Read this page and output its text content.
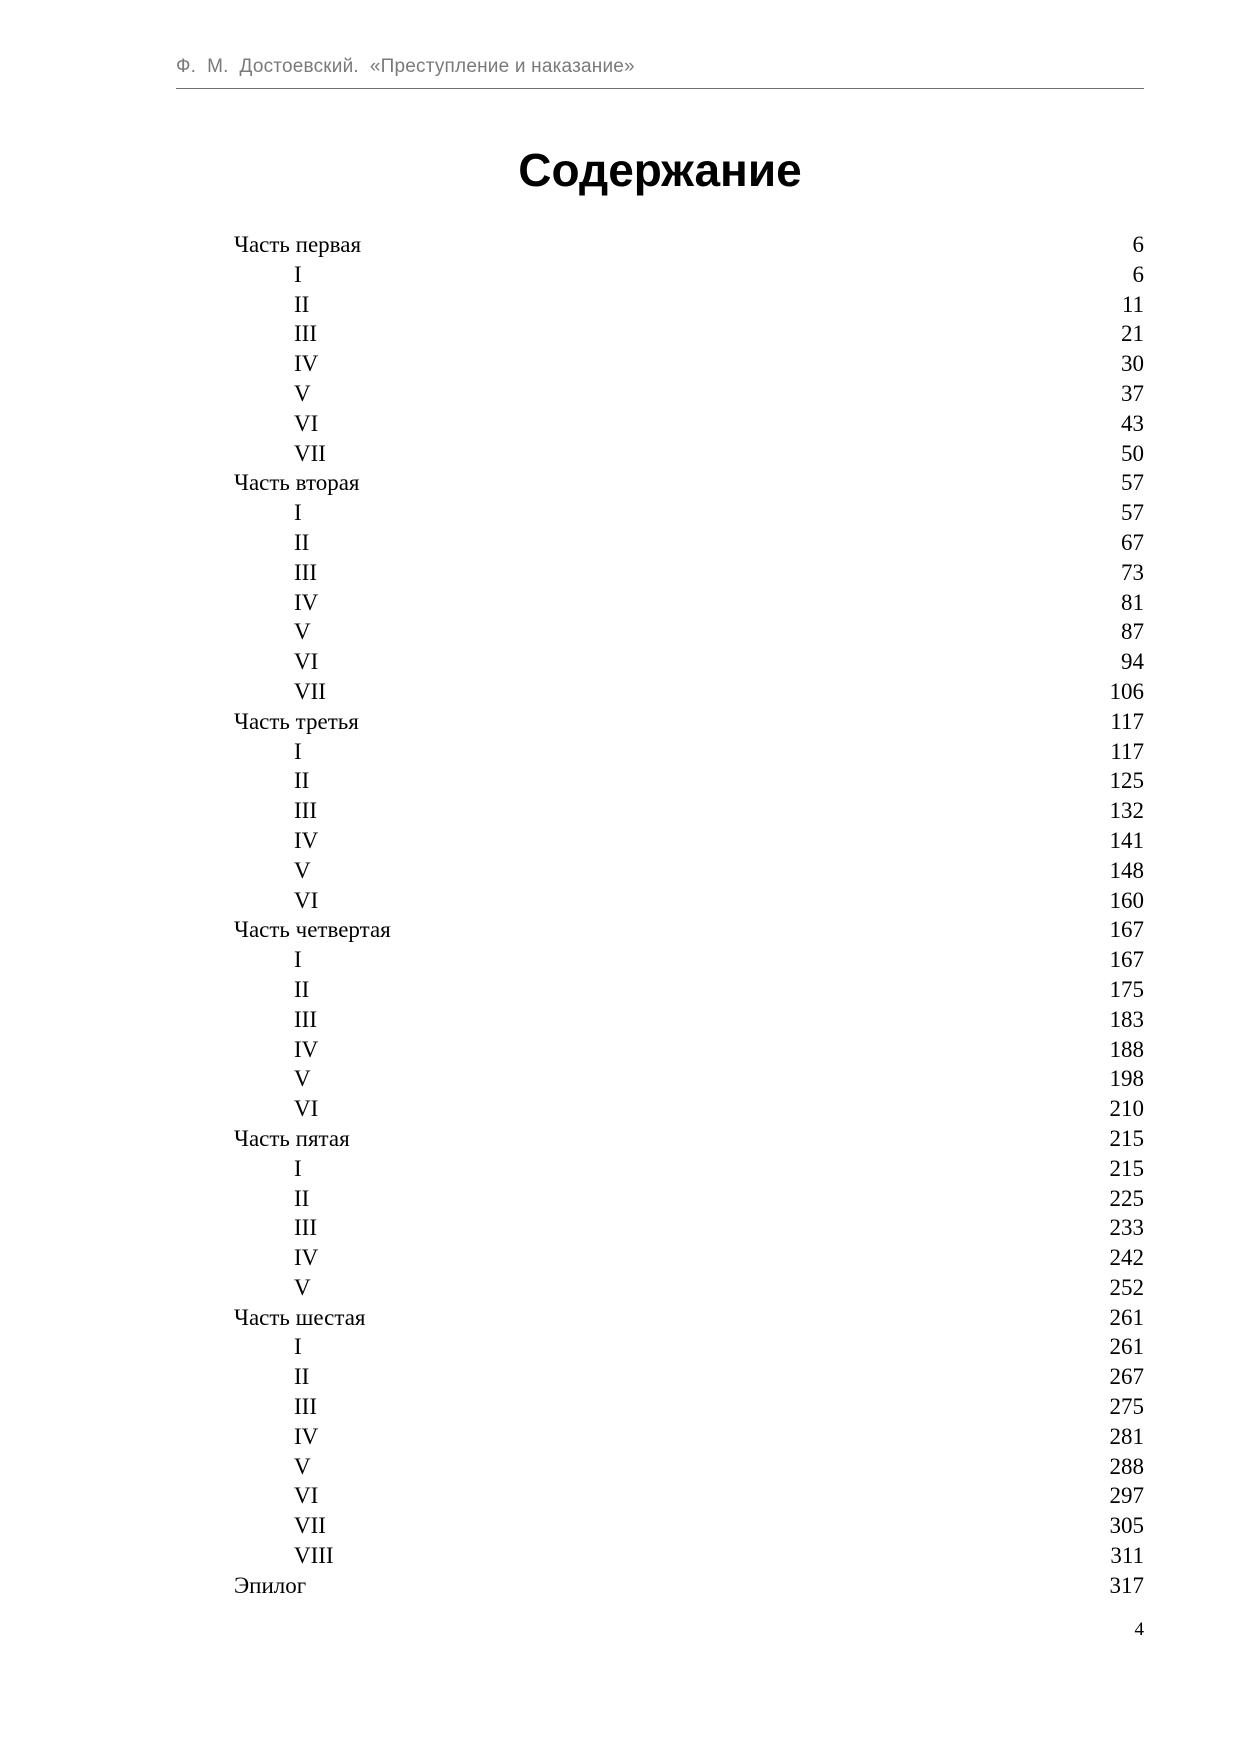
Ф.  М.  Достоевский.  «Преступление и наказание»
Содержание
Часть первая	6
I	6
II	11
III	21
IV	30
V	37
VI	43
VII	50
Часть вторая	57
I	57
II	67
III	73
IV	81
V	87
VI	94
VII	106
Часть третья	117
I	117
II	125
III	132
IV	141
V	148
VI	160
Часть четвертая	167
I	167
II	175
III	183
IV	188
V	198
VI	210
Часть пятая	215
I	215
II	225
III	233
IV	242
V	252
Часть шестая	261
I	261
II	267
III	275
IV	281
V	288
VI	297
VII	305
VIII	311
Эпилог	317
4
